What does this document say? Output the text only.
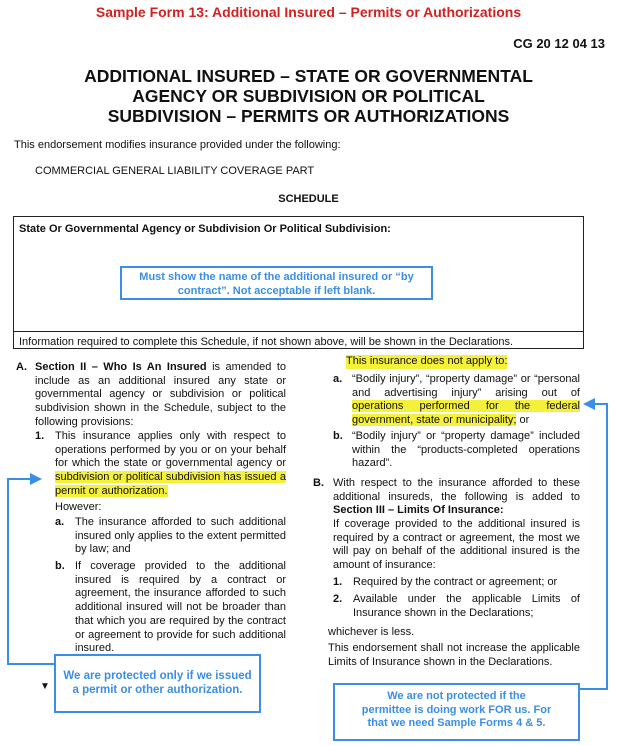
Sample Form 13: Additional Insured – Permits or Authorizations
CG 20 12 04 13
ADDITIONAL INSURED – STATE OR GOVERNMENTAL
AGENCY OR SUBDIVISION OR POLITICAL
SUBDIVISION – PERMITS OR AUTHORIZATIONS
This endorsement modifies insurance provided under the following:
COMMERCIAL GENERAL LIABILITY COVERAGE PART
SCHEDULE
State Or Governmental Agency or Subdivision Or Political Subdivision:
Information required to complete this Schedule, if not shown above, will be shown in the Declarations.
Must show the name of the additional insured or “by
contract”. Not acceptable if left blank.
A. Section II – Who Is An Insured is amended to include as an additional insured any state or governmental agency or subdivision or political subdivision shown in the Schedule, subject to the following provisions:
1. This insurance applies only with respect to operations performed by you or on your behalf for which the state or governmental agency or subdivision or political subdivision has issued a permit or authorization.
However:
a. The insurance afforded to such additional insured only applies to the extent permitted by law; and
b. If coverage provided to the additional insured is required by a contract or agreement, the insurance afforded to such additional insured will not be broader than that which you are required by the contract or agreement to provide for such additional insured.
▼
We are protected only if we issued
a permit or other authorization.
This insurance does not apply to:
a. “Bodily injury”, “property damage” or “personal and advertising injury” arising out of operations performed for the federal government, state or municipality; or
b. “Bodily injury” or “property damage” included within the “products-completed operations hazard”.
B. With respect to the insurance afforded to these additional insureds, the following is added to Section III – Limits Of Insurance:
If coverage provided to the additional insured is required by a contract or agreement, the most we will pay on behalf of the additional insured is the amount of insurance:
1. Required by the contract or agreement; or
2. Available under the applicable Limits of Insurance shown in the Declarations;
whichever is less.
This endorsement shall not increase the applicable Limits of Insurance shown in the Declarations.
We are not protected if the
permittee is doing work FOR us. For
that we need Sample Forms 4 & 5.
